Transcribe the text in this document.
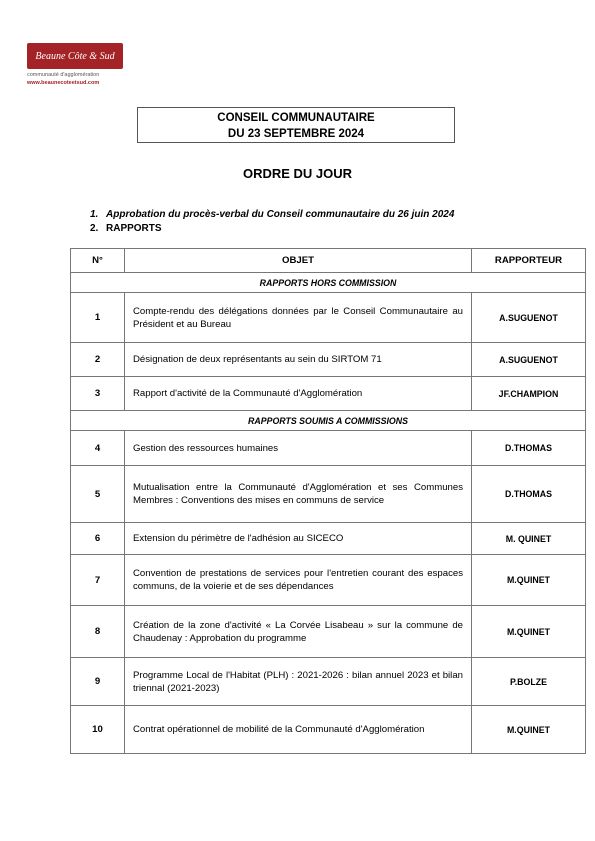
Beaune Côte & Sud
communauté d'agglomération
www.beaunecoteetsud.com
CONSEIL COMMUNAUTAIRE
DU 23 SEPTEMBRE 2024
ORDRE DU JOUR
1. Approbation du procès-verbal du Conseil communautaire du 26 juin 2024
2. RAPPORTS
N°	OBJET	RAPPORTEUR
RAPPORTS HORS COMMISSION		
1	Compte-rendu des délégations données par le Conseil Communautaire au Président et au Bureau	A.SUGUENOT
2	Désignation de deux représentants au sein du SIRTOM 71	A.SUGUENOT
3	Rapport d'activité de la Communauté d'Agglomération	JF.CHAMPION
RAPPORTS SOUMIS A COMMISSIONS		
4	Gestion des ressources humaines	D.THOMAS
5	Mutualisation entre la Communauté d'Agglomération et ses Communes Membres : Conventions des mises en communs de service	D.THOMAS
6	Extension du périmètre de l'adhésion au SICECO	M. QUINET
7	Convention de prestations de services pour l'entretien courant des espaces communs, de la voierie et de ses dépendances	M.QUINET
8	Création de la zone d'activité « La Corvée Lisabeau » sur la commune de Chaudenay : Approbation du programme	M.QUINET
9	Programme Local de l'Habitat (PLH) : 2021-2026 : bilan annuel 2023 et bilan triennal (2021-2023)	P.BOLZE
10	Contrat opérationnel de mobilité de la Communauté d'Agglomération	M.QUINET
